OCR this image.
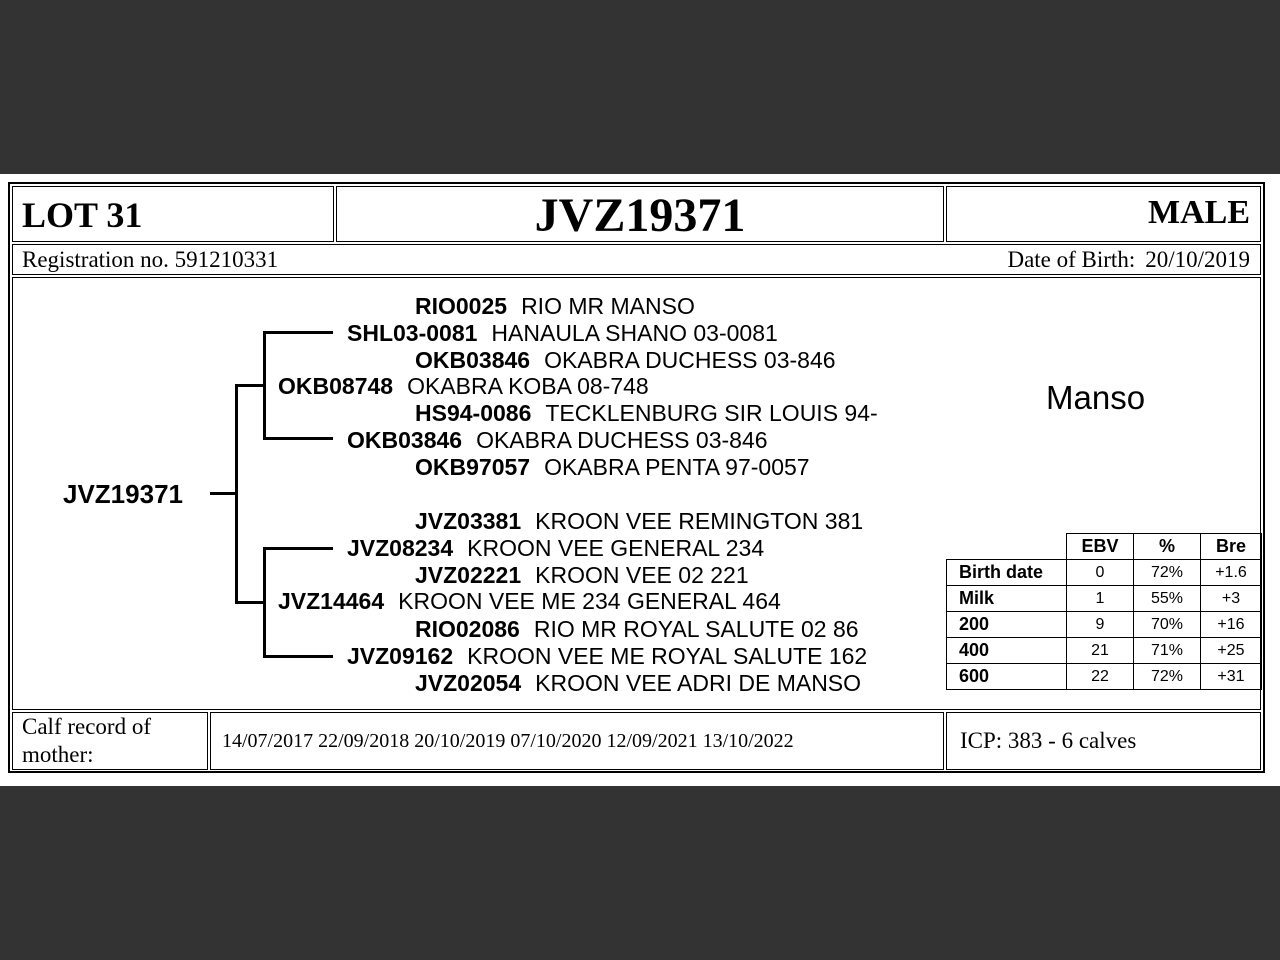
LOT 31	JVZ19371	MALE
Registration no. 591210331	Date of Birth: 20/10/2019
JVZ19371
RIO0025 RIO MR MANSO
SHL03-0081 HANAULA SHANO 03-0081
OKB03846 OKABRA DUCHESS 03-846
OKB08748 OKABRA KOBA 08-748
HS94-0086 TECKLENBURG SIR LOUIS 94-
OKB03846 OKABRA DUCHESS 03-846
OKB97057 OKABRA PENTA 97-0057
JVZ03381 KROON VEE REMINGTON 381
JVZ08234 KROON VEE GENERAL 234
JVZ02221 KROON VEE 02 221
JVZ14464 KROON VEE ME 234 GENERAL 464
RIO02086 RIO MR ROYAL SALUTE 02 86
JVZ09162 KROON VEE ME ROYAL SALUTE 162
JVZ02054 KROON VEE ADRI DE MANSO
Manso
	EBV	%	Bre
Birth date	0	72%	+1.6
Milk	1	55%	+3
200	9	70%	+16
400	21	71%	+25
600	22	72%	+31
Calf record of mother:
14/07/2017 22/09/2018 20/10/2019 07/10/2020 12/09/2021 13/10/2022	ICP: 383 - 6 calves
